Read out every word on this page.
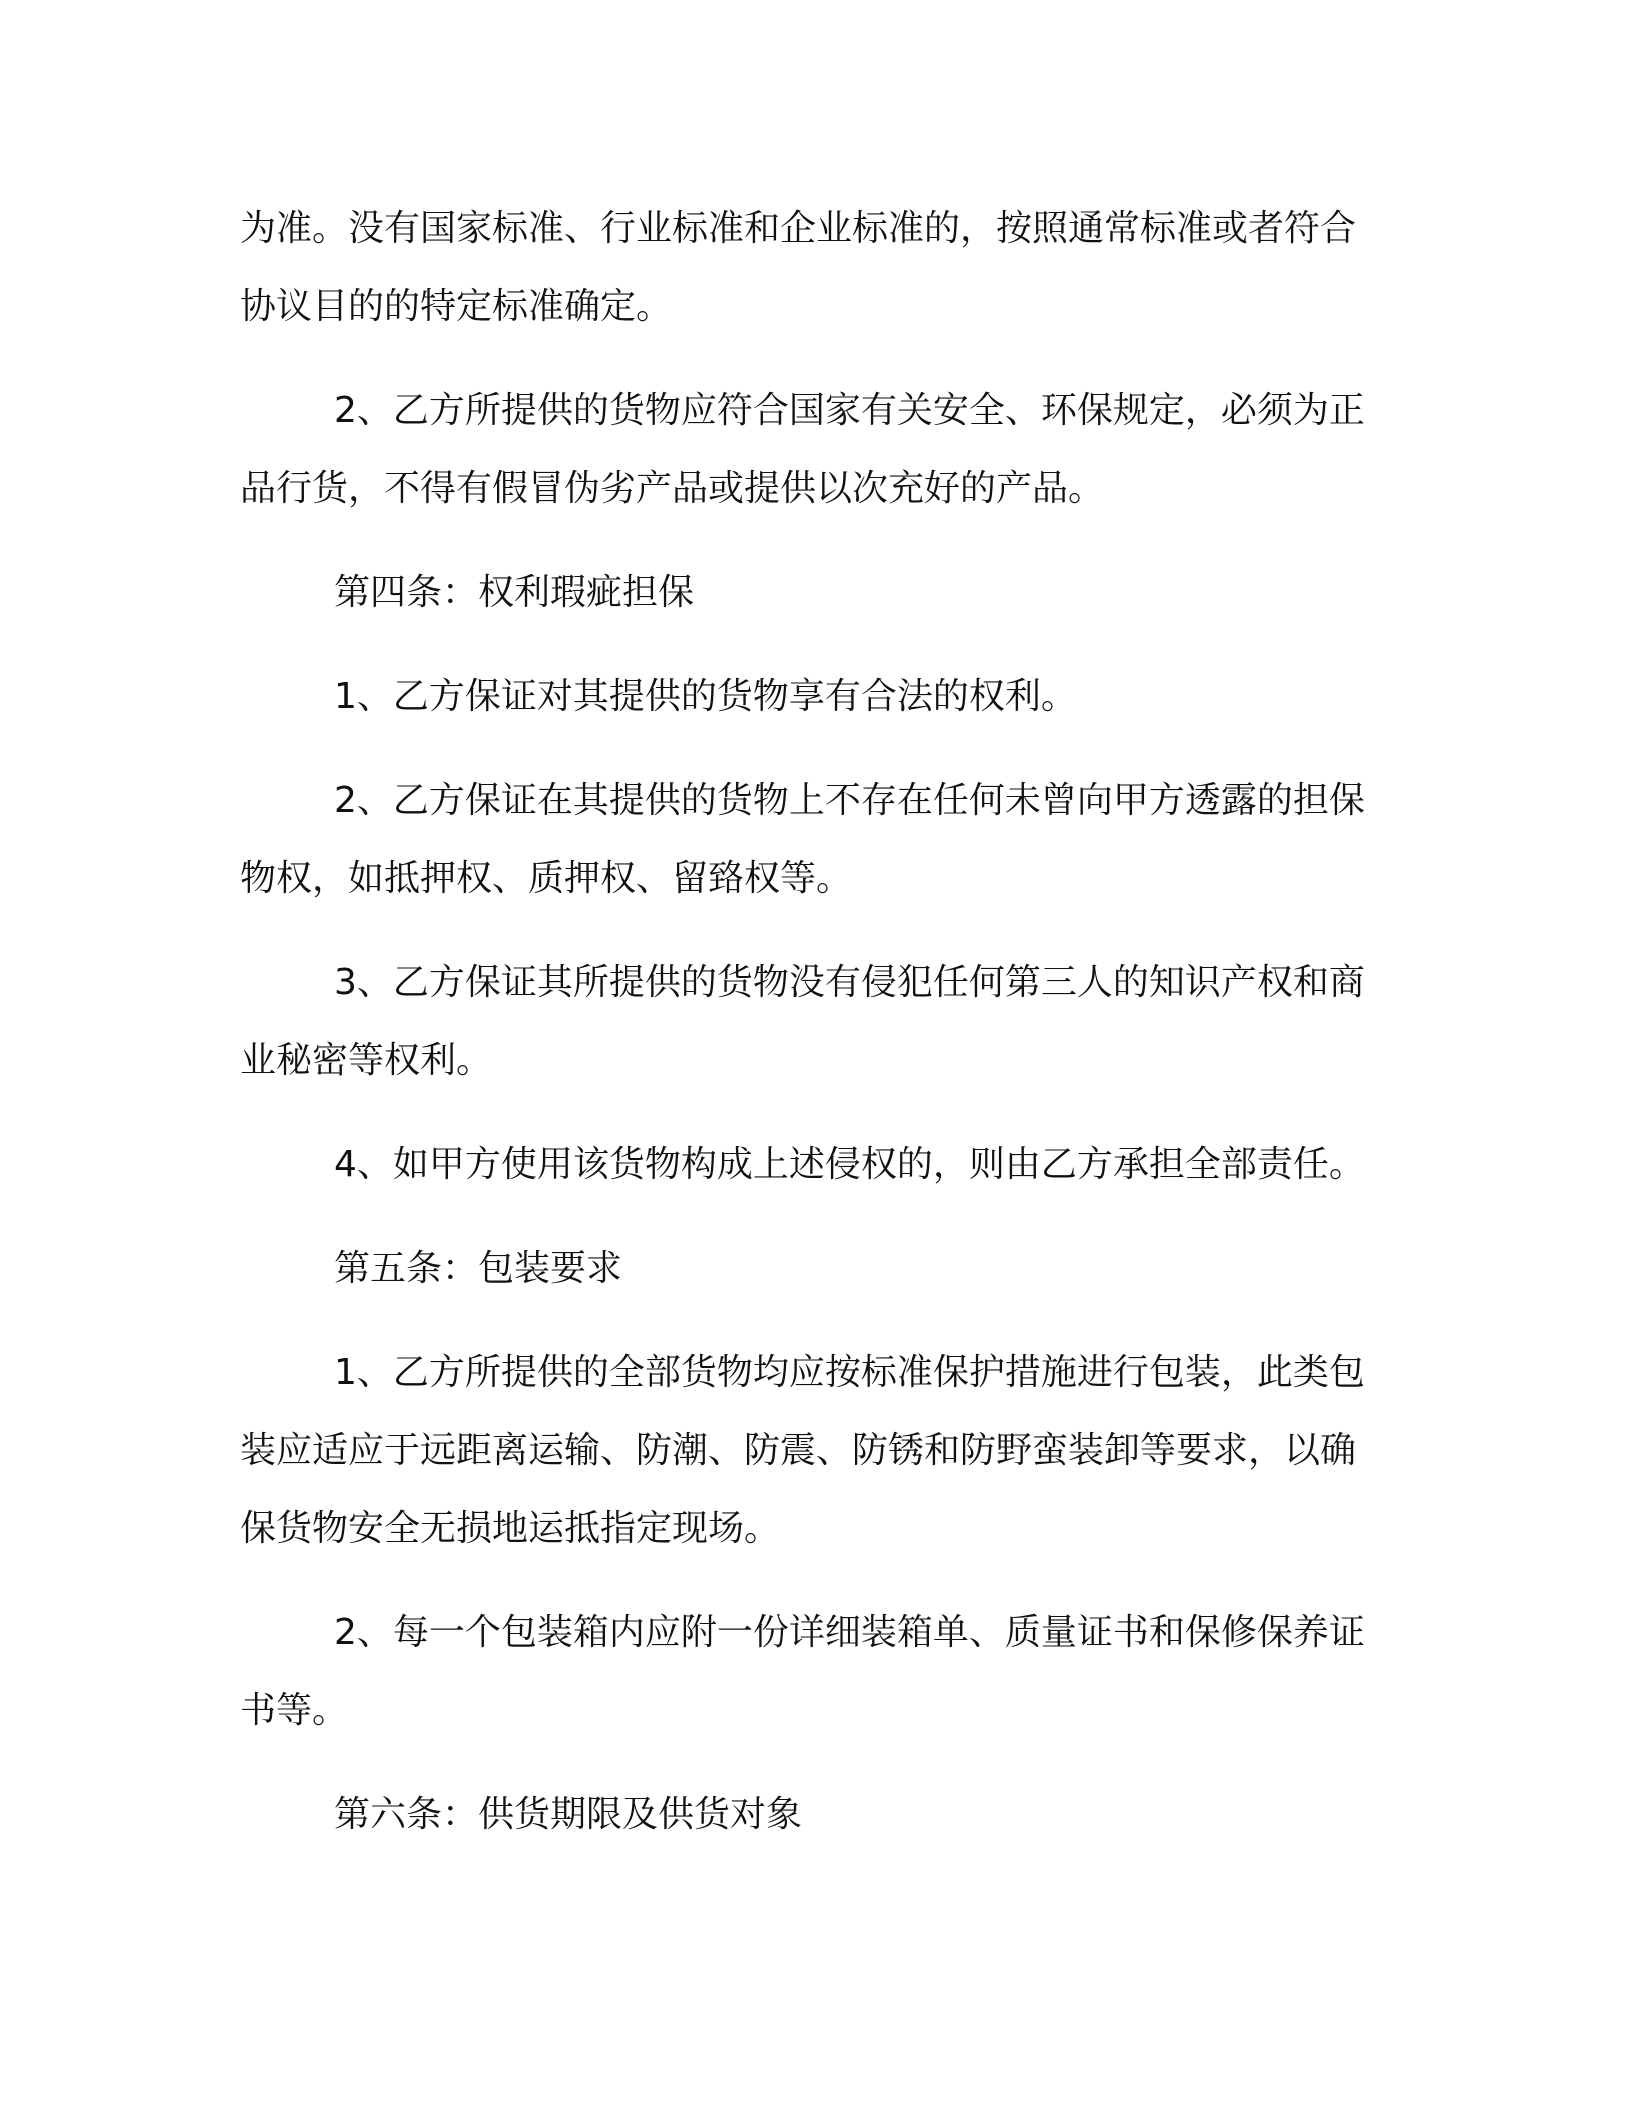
为准。没有国家标准、行业标准和企业标准的，按照通常标准或者符合协议目的的特定标准确定。

2、乙方所提供的货物应符合国家有关安全、环保规定，必须为正品行货，不得有假冒伪劣产品或提供以次充好的产品。

第四条：权利瑕疵担保

1、乙方保证对其提供的货物享有合法的权利。

2、乙方保证在其提供的货物上不存在任何未曾向甲方透露的担保物权，如抵押权、质押权、留臵权等。

3、乙方保证其所提供的货物没有侵犯任何第三人的知识产权和商业秘密等权利。

4、如甲方使用该货物构成上述侵权的，则由乙方承担全部责任。

第五条：包装要求

1、乙方所提供的全部货物均应按标准保护措施进行包装，此类包装应适应于远距离运输、防潮、防震、防锈和防野蛮装卸等要求，以确保货物安全无损地运抵指定现场。

2、每一个包装箱内应附一份详细装箱单、质量证书和保修保养证书等。

第六条：供货期限及供货对象
